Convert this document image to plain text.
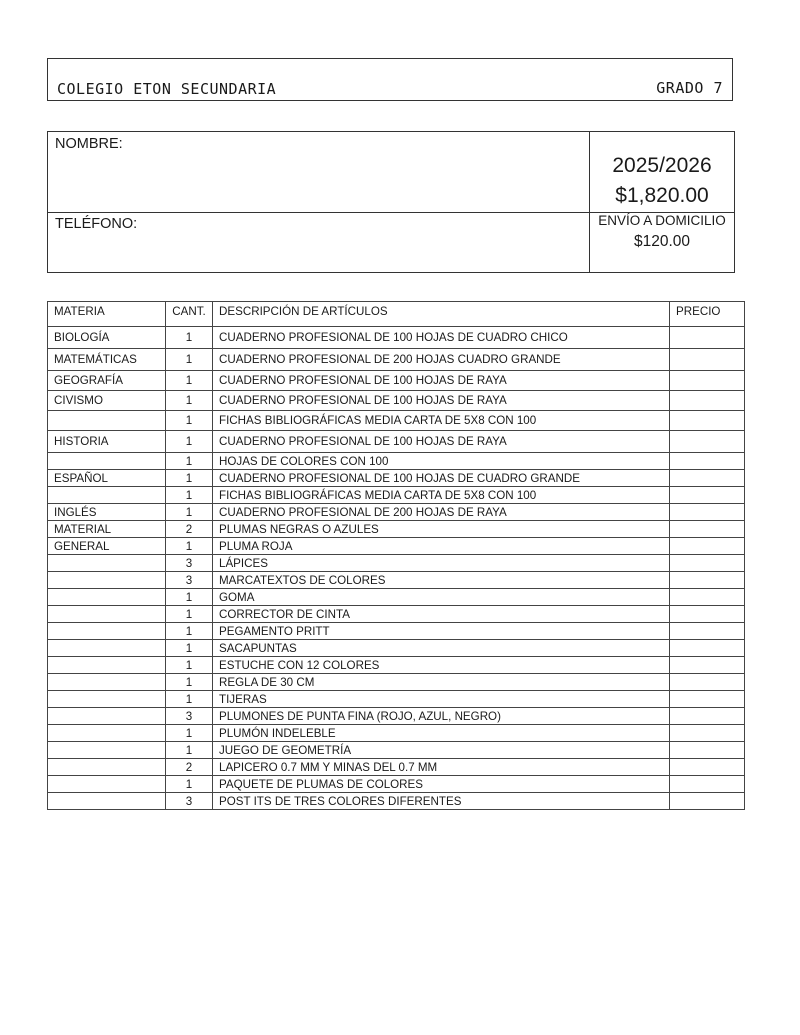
COLEGIO ETON SECUNDARIA	GRADO 7
NOMBRE:
TELÉFONO:
2025/2026
$1,820.00
ENVÍO A DOMICILIO
$120.00
MATERIA	CANT.	DESCRIPCIÓN DE ARTÍCULOS	PRECIO
BIOLOGÍA	1	CUADERNO PROFESIONAL DE 100 HOJAS DE CUADRO CHICO	
MATEMÁTICAS	1	CUADERNO PROFESIONAL DE 200 HOJAS CUADRO GRANDE	
GEOGRAFÍA	1	CUADERNO PROFESIONAL DE 100 HOJAS DE RAYA	
CIVISMO	1	CUADERNO PROFESIONAL DE 100 HOJAS DE RAYA	
	1	FICHAS BIBLIOGRÁFICAS MEDIA CARTA DE 5X8 CON 100	
HISTORIA	1	CUADERNO PROFESIONAL DE 100 HOJAS DE RAYA	
	1	HOJAS DE COLORES CON 100	
ESPAÑOL	1	CUADERNO PROFESIONAL DE 100 HOJAS DE CUADRO GRANDE	
	1	FICHAS BIBLIOGRÁFICAS MEDIA CARTA DE 5X8 CON 100	
INGLÉS	1	CUADERNO PROFESIONAL DE 200 HOJAS DE RAYA	
MATERIAL	2	PLUMAS NEGRAS O AZULES	
GENERAL	1	PLUMA ROJA	
	3	LÁPICES	
	3	MARCATEXTOS DE COLORES	
	1	GOMA	
	1	CORRECTOR DE CINTA	
	1	PEGAMENTO PRITT	
	1	SACAPUNTAS	
	1	ESTUCHE CON 12 COLORES	
	1	REGLA DE 30 CM	
	1	TIJERAS	
	3	PLUMONES DE PUNTA FINA (ROJO, AZUL, NEGRO)	
	1	PLUMÓN INDELEBLE	
	1	JUEGO DE GEOMETRÍA	
	2	LAPICERO 0.7 MM Y MINAS DEL 0.7 MM	
	1	PAQUETE DE PLUMAS DE COLORES	
	3	POST ITS DE TRES COLORES DIFERENTES	
